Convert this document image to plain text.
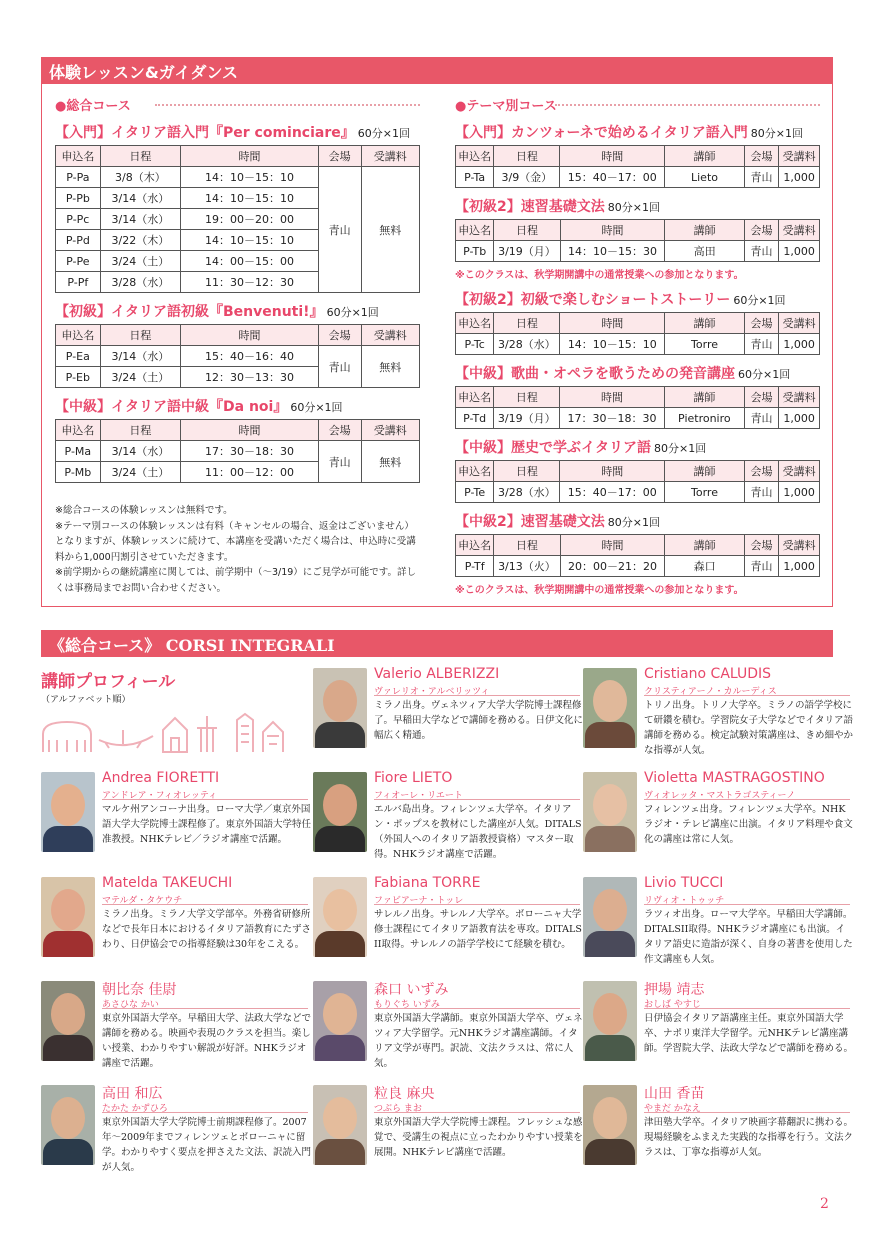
体験レッスン&ガイダンス
●総合コース
【入門】イタリア語入門『Per cominciare』 60分×1回
申込名	日程	時間	会場	受講料
P-Pa	3/8（木）	14：10－15：10	青山	無料
P-Pb	3/14（水）	14：10－15：10		
P-Pc	3/14（水）	19：00－20：00		
P-Pd	3/22（木）	14：10－15：10		
P-Pe	3/24（土）	14：00－15：00		
P-Pf	3/28（水）	11：30－12：30		
【初級】イタリア語初級『Benvenuti!』 60分×1回
申込名	日程	時間	会場	受講料
P-Ea	3/14（水）	15：40－16：40	青山	無料
P-Eb	3/24（土）	12：30－13：30		
【中級】イタリア語中級『Da noi』 60分×1回
申込名	日程	時間	会場	受講料
P-Ma	3/14（水）	17：30－18：30	青山	無料
P-Mb	3/24（土）	11：00－12：00		
●テーマ別コース
【入門】カンツォーネで始めるイタリア語入門 80分×1回
申込名	日程	時間	講師	会場	受講料
P-Ta	3/9（金）	15：40－17：00	Lieto	青山	1,000
【初級2】速習基礎文法 80分×1回
申込名	日程	時間	講師	会場	受講料
P-Tb	3/19（月）	14：10－15：30	高田	青山	1,000
※このクラスは、秋学期開講中の通常授業への参加となります。
【初級2】初級で楽しむショートストーリー 60分×1回
申込名	日程	時間	講師	会場	受講料
P-Tc	3/28（水）	14：10－15：10	Torre	青山	1,000
【中級】歌曲・オペラを歌うための発音講座 60分×1回
申込名	日程	時間	講師	会場	受講料
P-Td	3/19（月）	17：30－18：30	Pietroniro	青山	1,000
【中級】歴史で学ぶイタリア語 80分×1回
申込名	日程	時間	講師	会場	受講料
P-Te	3/28（水）	15：40－17：00	Torre	青山	1,000
【中級2】速習基礎文法 80分×1回
申込名	日程	時間	講師	会場	受講料
P-Tf	3/13（火）	20：00－21：20	森口	青山	1,000
※このクラスは、秋学期開講中の通常授業への参加となります。
※総合コースの体験レッスンは無料です。
※テーマ別コースの体験レッスンは有料（キャンセルの場合、返金はございません）となりますが、体験レッスンに続けて、本講座を受講いただく場合は、申込時に受講料から1,000円割引させていただきます。
※前学期からの継続講座に関しては、前学期中（～3/19）にご見学が可能です。詳しくは事務局までお問い合わせください。
《総合コース》 CORSI INTEGRALI
講師プロフィール
（アルファベット順）
Valerio ALBERIZZI
ヴァレリオ・アルベリッツィ
ミラノ出身。ヴェネツィア大学大学院博士課程修了。早稲田大学などで講師を務める。日伊文化に幅広く精通。
Cristiano CALUDIS
クリスティアーノ・カルーディス
トリノ出身。トリノ大学卒。ミラノの語学学校にて研鑽を積む。学習院女子大学などでイタリア語講師を務める。検定試験対策講座は、きめ細やかな指導が人気。
Andrea FIORETTI
アンドレア・フィオレッティ
マルケ州アンコーナ出身。ローマ大学／東京外国語大学大学院博士課程修了。東京外国語大学特任准教授。NHKテレビ／ラジオ講座で活躍。
Fiore LIETO
フィオーレ・リエート
エルバ島出身。フィレンツェ大学卒。イタリアン・ポップスを教材にした講座が人気。DITALS（外国人へのイタリア語教授資格）マスター取得。NHKラジオ講座で活躍。
Violetta MASTRAGOSTINO
ヴィオレッタ・マストラゴスティーノ
フィレンツェ出身。フィレンツェ大学卒。NHKラジオ・テレビ講座に出演。イタリア料理や食文化の講座は常に人気。
Matelda TAKEUCHI
マテルダ・タケウチ
ミラノ出身。ミラノ大学文学部卒。外務省研修所などで長年日本におけるイタリア語教育にたずさわり、日伊協会での指導経験は30年をこえる。
Fabiana TORRE
ファビアーナ・トッレ
サレルノ出身。サレルノ大学卒。ボローニャ大学修士課程にてイタリア語教育法を専攻。DITALS II取得。サレルノの語学学校にて経験を積む。
Livio TUCCI
リヴィオ・トゥッチ
ラツィオ出身。ローマ大学卒。早稲田大学講師。DITALSII取得。NHKラジオ講座にも出演。イタリア語史に造詣が深く、自身の著書を使用した作文講座も人気。
朝比奈 佳尉
あさひな かい
東京外国語大学卒。早稲田大学、法政大学などで講師を務める。映画や表現のクラスを担当。楽しい授業、わかりやすい解説が好評。NHKラジオ講座で活躍。
森口 いずみ
もりぐち いずみ
東京外国語大学講師。東京外国語大学卒、ヴェネツィア大学留学。元NHKラジオ講座講師。イタリア文学が専門。訳読、文法クラスは、常に人気。
押場 靖志
おしば やすじ
日伊協会イタリア語講座主任。東京外国語大学卒、ナポリ東洋大学留学。元NHKテレビ講座講師。学習院大学、法政大学などで講師を務める。
高田 和広
たかた かずひろ
東京外国語大学大学院博士前期課程修了。2007年～2009年までフィレンツェとボローニャに留学。わかりやすく要点を押さえた文法、訳読入門が人気。
粒良 麻央
つぶら まお
東京外国語大学大学院博士課程。フレッシュな感覚で、受講生の視点に立ったわかりやすい授業を展開。NHKテレビ講座で活躍。
山田 香苗
やまだ かなえ
津田塾大学卒。イタリア映画字幕翻訳に携わる。現場経験をふまえた実践的な指導を行う。文法クラスは、丁寧な指導が人気。
2
